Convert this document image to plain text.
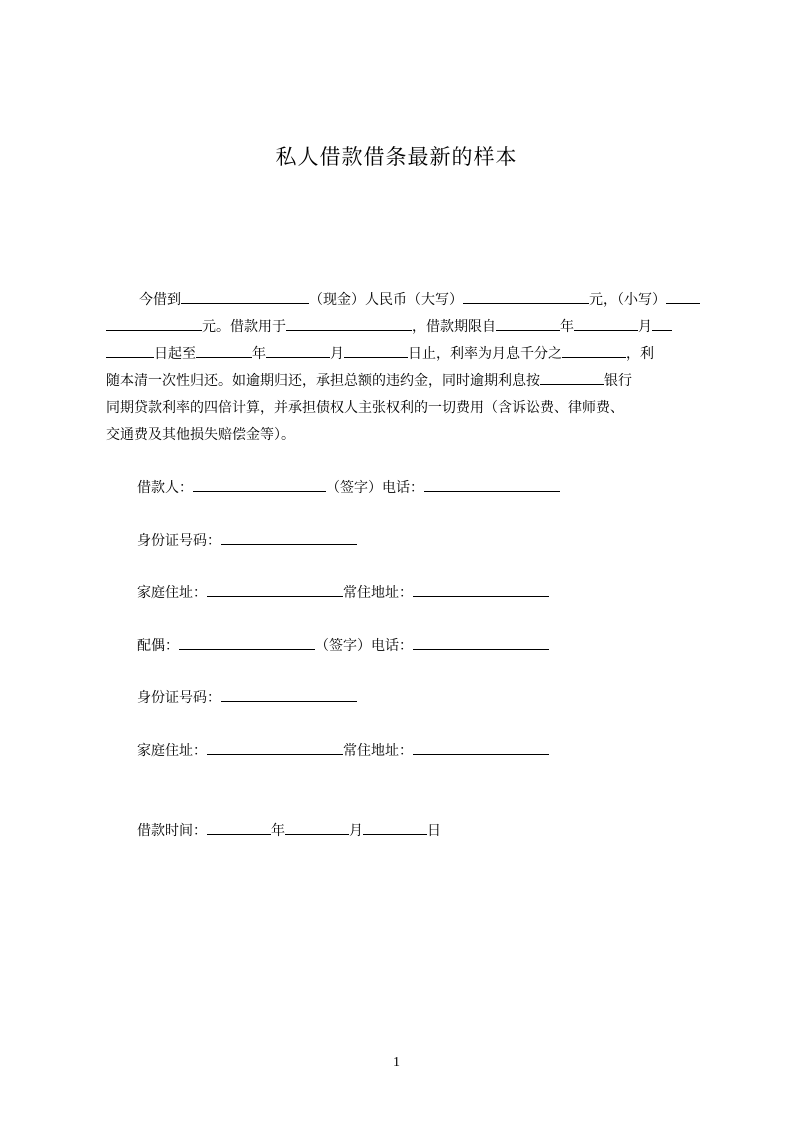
私人借款借条最新的样本
今借到	（现金）人民币（大写）	元，（小写）
元。借款用于	，借款期限自	年	月
日起至	年	月	日止，利率为月息千分之	，利
随本清一次性归还。如逾期归还，承担总额的违约金，同时逾期利息按	银行
同期贷款利率的四倍计算，并承担债权人主张权利的一切费用（含诉讼费、律师费、
交通费及其他损失赔偿金等）。
借款人：	（签字）电话：
身份证号码：
家庭住址：	常住地址：
配偶：	（签字）电话：
身份证号码：
家庭住址：	常住地址：
借款时间：	年	月	日
1
